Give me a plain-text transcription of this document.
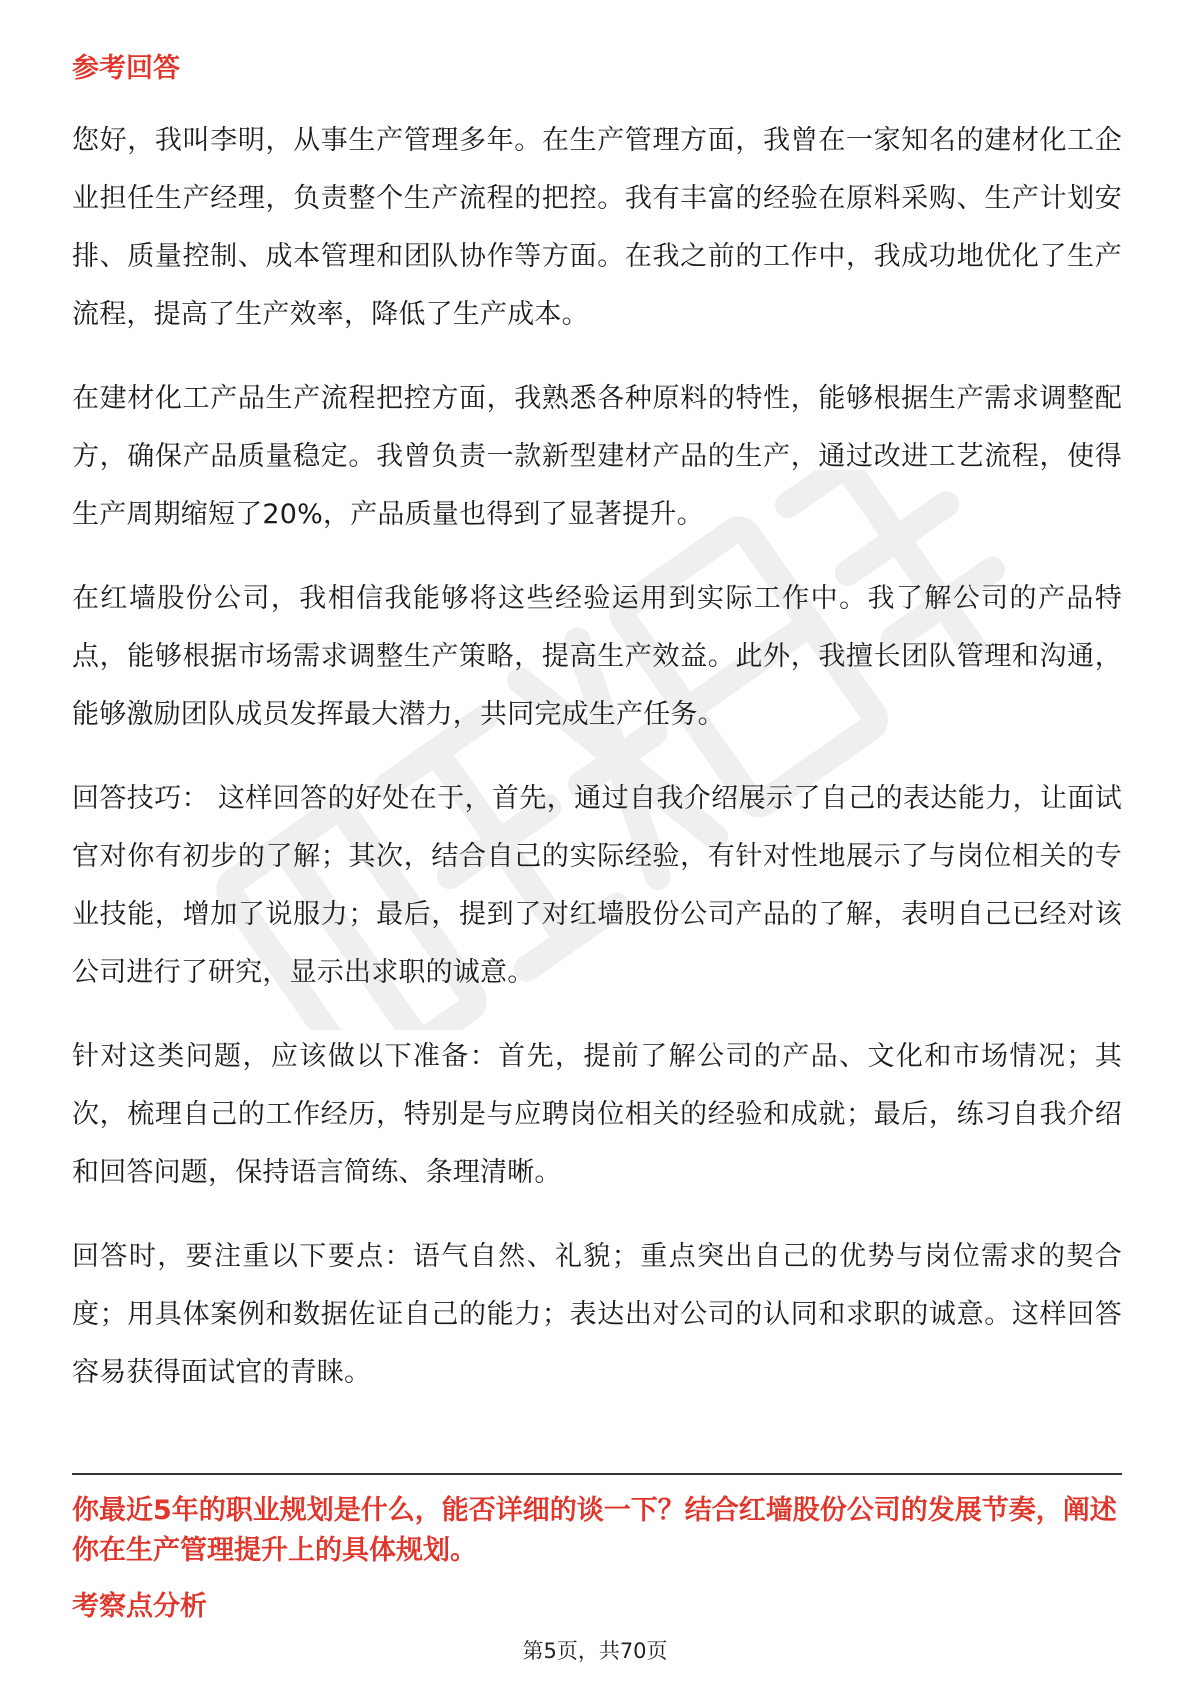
参考回答

您好，我叫李明，从事生产管理多年。在生产管理方面，我曾在一家知名的建材化工企业担任生产经理，负责整个生产流程的把控。我有丰富的经验在原料采购、生产计划安排、质量控制、成本管理和团队协作等方面。在我之前的工作中，我成功地优化了生产流程，提高了生产效率，降低了生产成本。

在建材化工产品生产流程把控方面，我熟悉各种原料的特性，能够根据生产需求调整配方，确保产品质量稳定。我曾负责一款新型建材产品的生产，通过改进工艺流程，使得生产周期缩短了20%，产品质量也得到了显著提升。

在红墙股份公司，我相信我能够将这些经验运用到实际工作中。我了解公司的产品特点，能够根据市场需求调整生产策略，提高生产效益。此外，我擅长团队管理和沟通，能够激励团队成员发挥最大潜力，共同完成生产任务。

回答技巧： 这样回答的好处在于，首先，通过自我介绍展示了自己的表达能力，让面试官对你有初步的了解；其次，结合自己的实际经验，有针对性地展示了与岗位相关的专业技能，增加了说服力；最后，提到了对红墙股份公司产品的了解，表明自己已经对该公司进行了研究，显示出求职的诚意。

针对这类问题，应该做以下准备：首先，提前了解公司的产品、文化和市场情况；其次，梳理自己的工作经历，特别是与应聘岗位相关的经验和成就；最后，练习自我介绍和回答问题，保持语言简练、条理清晰。

回答时，要注重以下要点：语气自然、礼貌；重点突出自己的优势与岗位需求的契合度；用具体案例和数据佐证自己的能力；表达出对公司的认同和求职的诚意。这样回答容易获得面试官的青睐。

你最近5年的职业规划是什么，能否详细的谈一下？结合红墙股份公司的发展节奏，阐述你在生产管理提升上的具体规划。

考察点分析
第5页，共70页
